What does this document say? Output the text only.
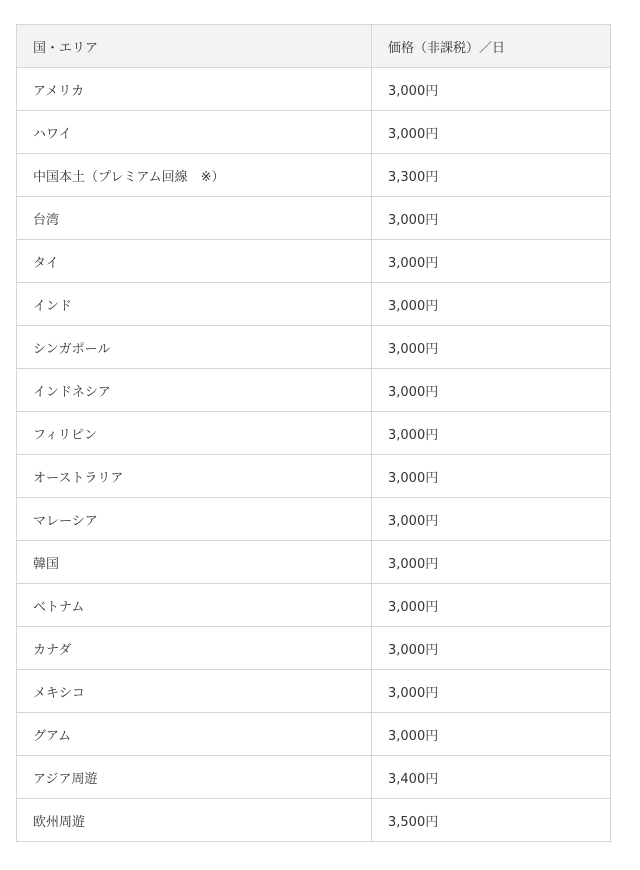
国・エリア	価格（非課税）／日
アメリカ	3,000円
ハワイ	3,000円
中国本土（プレミアム回線　※）	3,300円
台湾	3,000円
タイ	3,000円
インド	3,000円
シンガポール	3,000円
インドネシア	3,000円
フィリピン	3,000円
オーストラリア	3,000円
マレーシア	3,000円
韓国	3,000円
ベトナム	3,000円
カナダ	3,000円
メキシコ	3,000円
グアム	3,000円
アジア周遊	3,400円
欧州周遊	3,500円
